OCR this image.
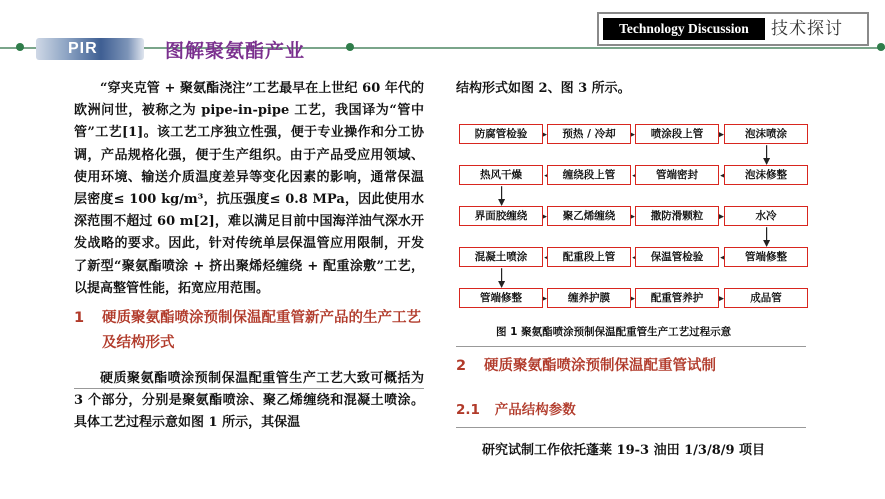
PIR	图解聚氨酯产业
Technology Discussion	技术探讨

“穿夹克管 + 聚氨酯浇注”工艺最早在上世纪 60 年代的欧洲问世，被称之为 pipe-in-pipe 工艺，我国译为“管中管”工艺[1]。该工艺工序独立性强，便于专业操作和分工协调，产品规格化强，便于生产组织。由于产品受应用领域、使用环境、输送介质温度差异等变化因素的影响，通常保温层密度≤ 100 kg/m³，抗压强度≤ 0.8 MPa，因此使用水深范围不超过 60 m[2]，难以满足目前中国海洋油气深水开发战略的要求。因此，针对传统单层保温管应用限制，开发了新型“聚氨酯喷涂 + 挤出聚烯烃缠绕 + 配重涂敷”工艺，以提高整管性能，拓宽应用范围。

1	硬质聚氨酯喷涂预制保温配重管新产品的生产工艺及结构形式

硬质聚氨酯喷涂预制保温配重管生产工艺大致可概括为 3 个部分，分别是聚氨酯喷涂、聚乙烯缠绕和混凝土喷涂。具体工艺过程示意如图 1 所示，其保温

结构形式如图 2、图 3 所示。

防腐管检验	预热 / 冷却	喷涂段上管	泡沫喷涂
热风干燥	缠绕段上管	管端密封	泡沫修整
界面胶缠绕	聚乙烯缠绕	撒防滑颗粒	水冷
混凝土喷涂	配重段上管	保温管检验	管端修整
管端修整	缠养护膜	配重管养护	成品管
图 1 聚氨酯喷涂预制保温配重管生产工艺过程示意
2	硬质聚氨酯喷涂预制保温配重管试制
2.1 产品结构参数

研究试制工作依托蓬莱 19-3 油田 1/3/8/9 项目
